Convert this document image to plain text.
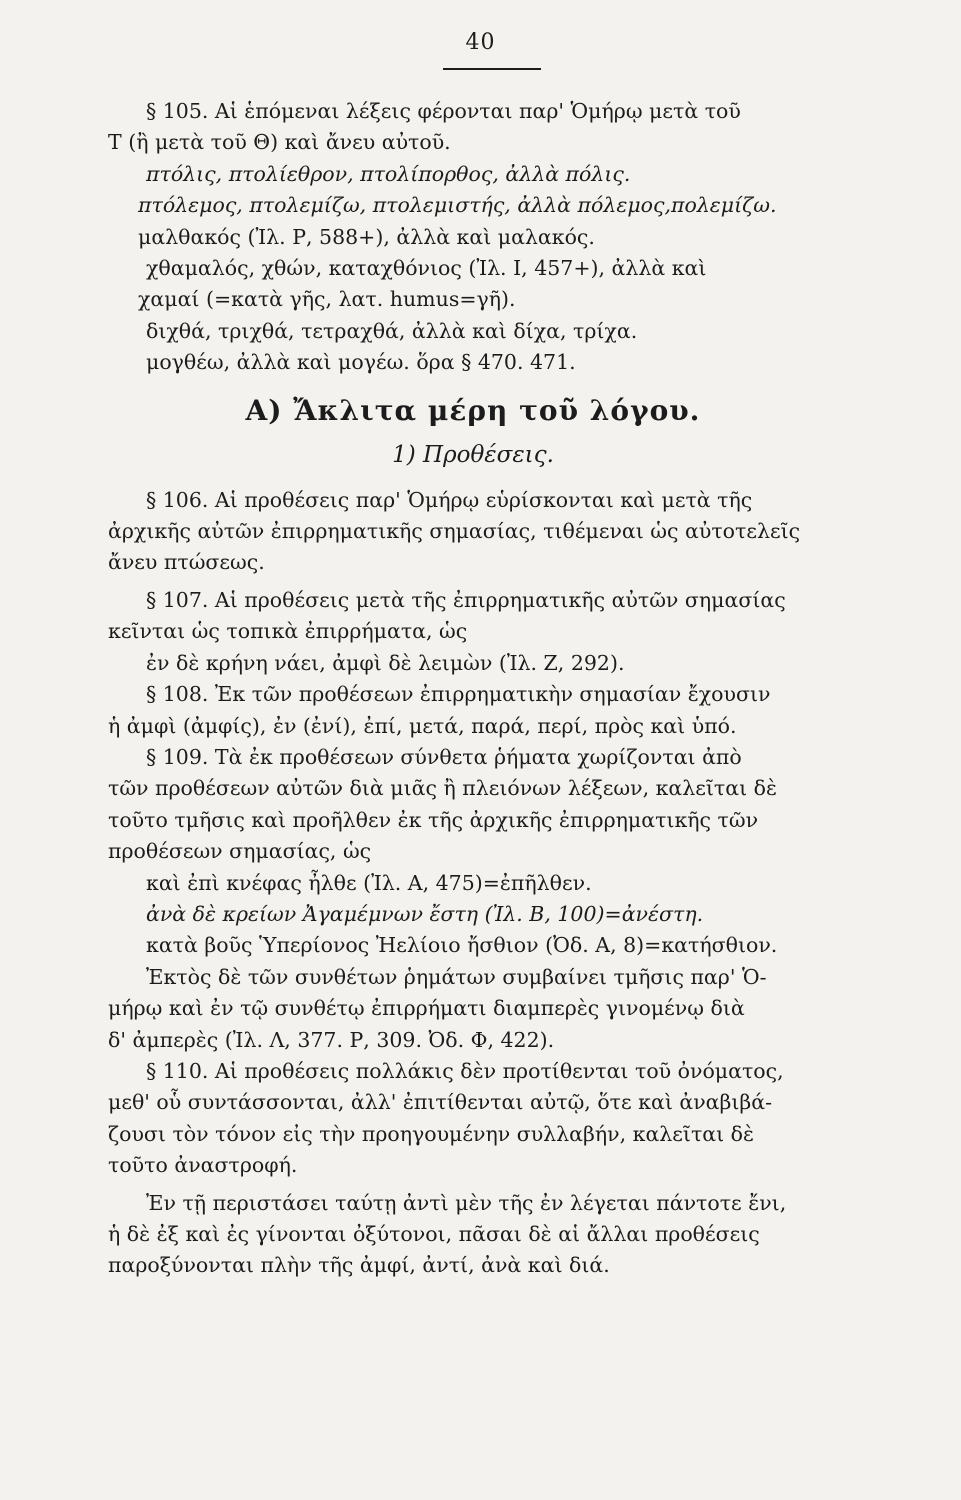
40
§ 105. Αἱ ἑπόμεναι λέξεις φέρονται παρ' Ὁμήρῳ μετὰ τοῦ
Τ (ἢ μετὰ τοῦ Θ) καὶ ἄνευ αὐτοῦ.
πτόλις, πτολίεθρον, πτολίπορθος, ἀλλὰ πόλις.
πτόλεμος, πτολεμίζω, πτολεμιστής, ἀλλὰ πόλεμος,πολεμίζω.
μαλθακός (Ἰλ. Ρ, 588+), ἀλλὰ καὶ μαλακός.
χθαμαλός, χθών, καταχθόνιος (Ἰλ. Ι, 457+), ἀλλὰ καὶ
χαμαί (=κατὰ γῆς, λατ. humus=γῆ).
διχθά, τριχθά, τετραχθά, ἀλλὰ καὶ δίχα, τρίχα.
μογθέω, ἀλλὰ καὶ μογέω. ὅρα § 470. 471.
Α) Ἄκλιτα μέρη τοῦ λόγου.
1) Προθέσεις.
§ 106. Αἱ προθέσεις παρ' Ὁμήρῳ εὑρίσκονται καὶ μετὰ τῆς
ἀρχικῆς αὐτῶν ἐπιρρηματικῆς σημασίας, τιθέμεναι ὡς αὐτοτελεῖς
ἄνευ πτώσεως.
§ 107. Αἱ προθέσεις μετὰ τῆς ἐπιρρηματικῆς αὐτῶν σημασίας
κεῖνται ὡς τοπικὰ ἐπιρρήματα, ὡς
ἐν δὲ κρήνη νάει, ἀμφὶ δὲ λειμὼν (Ἰλ. Ζ, 292).
§ 108. Ἐκ τῶν προθέσεων ἐπιρρηματικὴν σημασίαν ἔχουσιν
ἡ ἀμφὶ (ἀμφίς), ἐν (ἐνί), ἐπί, μετά, παρά, περί, πρὸς καὶ ὑπό.
§ 109. Τὰ ἐκ προθέσεων σύνθετα ῥήματα χωρίζονται ἀπὸ
τῶν προθέσεων αὐτῶν διὰ μιᾶς ἢ πλειόνων λέξεων, καλεῖται δὲ
τοῦτο τμῆσις καὶ προῆλθεν ἐκ τῆς ἀρχικῆς ἐπιρρηματικῆς τῶν
προθέσεων σημασίας, ὡς
καὶ ἐπὶ κνέφας ἦλθε (Ἰλ. Α, 475)=ἐπῆλθεν.
ἀνὰ δὲ κρείων Ἀγαμέμνων ἔστη (Ἰλ. Β, 100)=ἀνέστη.
κατὰ βοῦς Ὑπερίονος Ἠελίοιο ἤσθιον (Ὀδ. Α, 8)=κατήσθιον.
Ἐκτὸς δὲ τῶν συνθέτων ῥημάτων συμβαίνει τμῆσις παρ' Ὁ-
μήρῳ καὶ ἐν τῷ συνθέτῳ ἐπιρρήματι διαμπερὲς γινομένῳ διὰ
δ' ἀμπερὲς (Ἰλ. Λ, 377. Ρ, 309. Ὀδ. Φ, 422).
§ 110. Αἱ προθέσεις πολλάκις δὲν προτίθενται τοῦ ὀνόματος,
μεθ' οὗ συντάσσονται, ἀλλ' ἐπιτίθενται αὐτῷ, ὅτε καὶ ἀναβιβά-
ζουσι τὸν τόνον εἰς τὴν προηγουμένην συλλαβήν, καλεῖται δὲ
τοῦτο ἀναστροφή.
Ἐν τῇ περιστάσει ταύτῃ ἀντὶ μὲν τῆς ἐν λέγεται πάντοτε ἔνι,
ἡ δὲ ἐξ καὶ ἐς γίνονται ὀξύτονοι, πᾶσαι δὲ αἱ ἄλλαι προθέσεις
παροξύνονται πλὴν τῆς ἀμφί, ἀντί, ἀνὰ καὶ διά.
